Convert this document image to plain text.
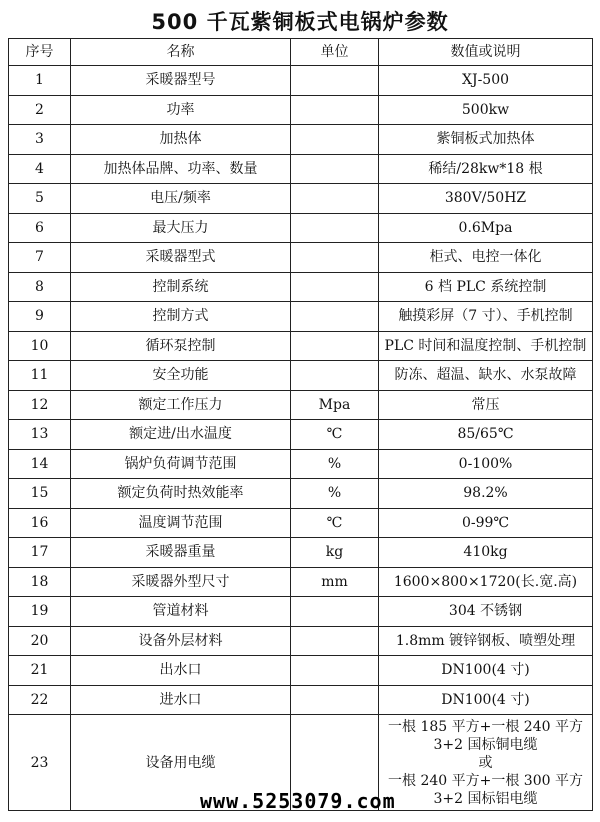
500 千瓦紫铜板式电锅炉参数
序号	名称	单位	数值或说明
1	采暖器型号		XJ-500
2	功率		500kw
3	加热体		紫铜板式加热体
4	加热体品牌、功率、数量		稀结/28kw*18 根
5	电压/频率		380V/50HZ
6	最大压力		0.6Mpa
7	采暖器型式		柜式、电控一体化
8	控制系统		6 档 PLC 系统控制
9	控制方式		触摸彩屏（7 寸）、手机控制
10	循环泵控制		PLC 时间和温度控制、手机控制
11	安全功能		防冻、超温、缺水、水泵故障
12	额定工作压力	Mpa	常压
13	额定进/出水温度	℃	85/65℃
14	锅炉负荷调节范围	%	0-100%
15	额定负荷时热效能率	%	98.2%
16	温度调节范围	℃	0-99℃
17	采暖器重量	kg	410kg
18	采暖器外型尺寸	mm	1600×800×1720(长.宽.高)
19	管道材料		304 不锈钢
20	设备外层材料		1.8mm 镀锌钢板、喷塑处理
21	出水口		DN100(4 寸)
22	进水口		DN100(4 寸)
23	设备用电缆		一根 185 平方+一根 240 平方
3+2 国标铜电缆
或
一根 240 平方+一根 300 平方
3+2 国标铝电缆
www.5253079.com
